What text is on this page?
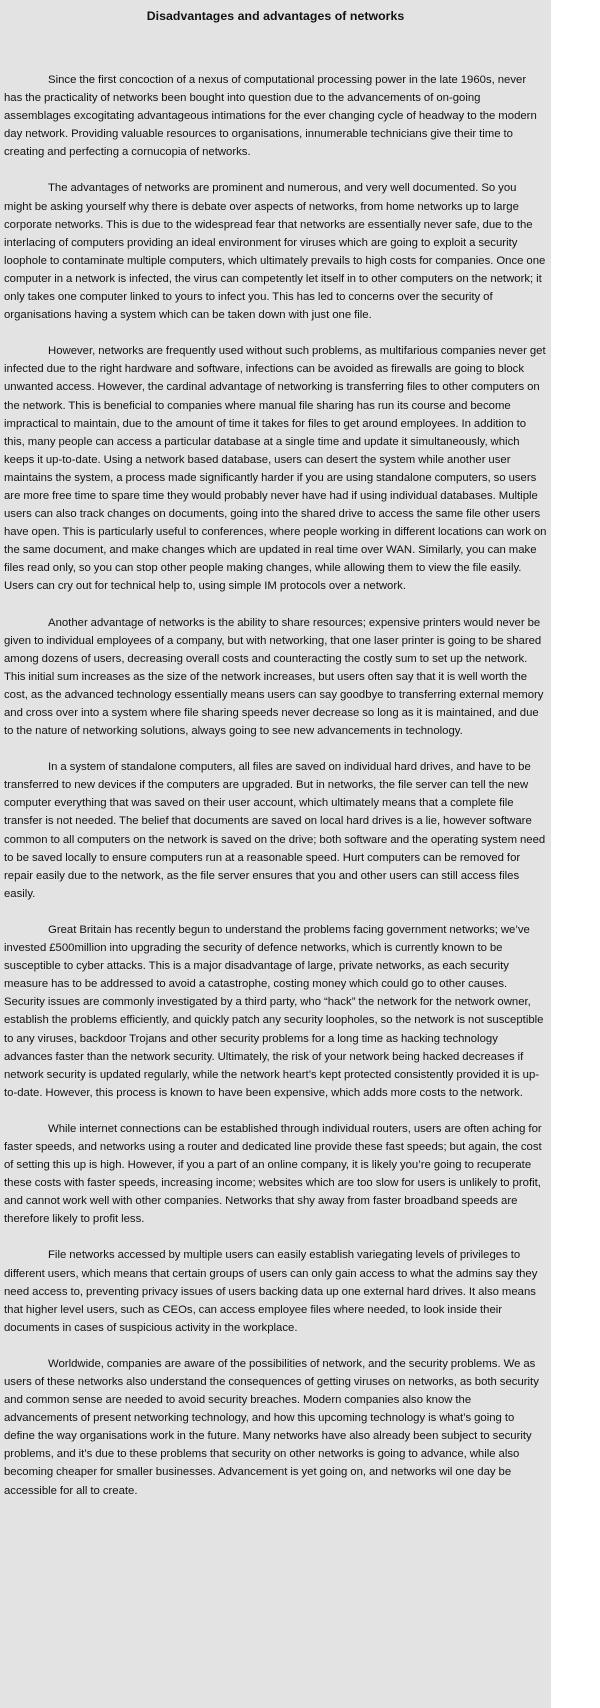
Disadvantages and advantages of networks

Since the first concoction of a nexus of computational processing power in the late 1960s, never has the practicality of networks been bought into question due to the advancements of on-going assemblages excogitating advantageous intimations for the ever changing cycle of headway to the modern day network. Providing valuable resources to organisations, innumerable technicians give their time to creating and perfecting a cornucopia of networks.

The advantages of networks are prominent and numerous, and very well documented. So you might be asking yourself why there is debate over aspects of networks, from home networks up to large corporate networks. This is due to the widespread fear that networks are essentially never safe, due to the interlacing of computers providing an ideal environment for viruses which are going to exploit a security loophole to contaminate multiple computers, which ultimately prevails to high costs for companies. Once one computer in a network is infected, the virus can competently let itself in to other computers on the network; it only takes one computer linked to yours to infect you. This has led to concerns over the security of organisations having a system which can be taken down with just one file.

However, networks are frequently used without such problems, as multifarious companies never get infected due to the right hardware and software, infections can be avoided as firewalls are going to block unwanted access. However, the cardinal advantage of networking is transferring files to other computers on the network. This is beneficial to companies where manual file sharing has run its course and become impractical to maintain, due to the amount of time it takes for files to get around employees. In addition to this, many people can access a particular database at a single time and update it simultaneously, which keeps it up-to-date. Using a network based database, users can desert the system while another user maintains the system, a process made significantly harder if you are using standalone computers, so users are more free time to spare time they would probably never have had if using individual databases. Multiple users can also track changes on documents, going into the shared drive to access the same file other users have open. This is particularly useful to conferences, where people working in different locations can work on the same document, and make changes which are updated in real time over WAN. Similarly, you can make files read only, so you can stop other people making changes, while allowing them to view the file easily. Users can cry out for technical help to, using simple IM protocols over a network.

Another advantage of networks is the ability to share resources; expensive printers would never be given to individual employees of a company, but with networking, that one laser printer is going to be shared among dozens of users, decreasing overall costs and counteracting the costly sum to set up the network. This initial sum increases as the size of the network increases, but users often say that it is well worth the cost, as the advanced technology essentially means users can say goodbye to transferring external memory and cross over into a system where file sharing speeds never decrease so long as it is maintained, and due to the nature of networking solutions, always going to see new advancements in technology.

In a system of standalone computers, all files are saved on individual hard drives, and have to be transferred to new devices if the computers are upgraded. But in networks, the file server can tell the new computer everything that was saved on their user account, which ultimately means that a complete file transfer is not needed. The belief that documents are saved on local hard drives is a lie, however software common to all computers on the network is saved on the drive; both software and the operating system need to be saved locally to ensure computers run at a reasonable speed. Hurt computers can be removed for repair easily due to the network, as the file server ensures that you and other users can still access files easily.

Great Britain has recently begun to understand the problems facing government networks; we’ve invested £500million into upgrading the security of defence networks, which is currently known to be susceptible to cyber attacks. This is a major disadvantage of large, private networks, as each security measure has to be addressed to avoid a catastrophe, costing money which could go to other causes. Security issues are commonly investigated by a third party, who “hack” the network for the network owner, establish the problems efficiently, and quickly patch any security loopholes, so the network is not susceptible to any viruses, backdoor Trojans and other security problems for a long time as hacking technology advances faster than the network security. Ultimately, the risk of your network being hacked decreases if network security is updated regularly, while the network heart’s kept protected consistently provided it is up-to-date. However, this process is known to have been expensive, which adds more costs to the network.

While internet connections can be established through individual routers, users are often aching for faster speeds, and networks using a router and dedicated line provide these fast speeds; but again, the cost of setting this up is high. However, if you a part of an online company, it is likely you’re going to recuperate these costs with faster speeds, increasing income; websites which are too slow for users is unlikely to profit, and cannot work well with other companies. Networks that shy away from faster broadband speeds are therefore likely to profit less.

File networks accessed by multiple users can easily establish variegating levels of privileges to different users, which means that certain groups of users can only gain access to what the admins say they need access to, preventing privacy issues of users backing data up one external hard drives. It also means that higher level users, such as CEOs, can access employee files where needed, to look inside their documents in cases of suspicious activity in the workplace.

Worldwide, companies are aware of the possibilities of network, and the security problems. We as users of these networks also understand the consequences of getting viruses on networks, as both security and common sense are needed to avoid security breaches. Modern companies also know the advancements of present networking technology, and how this upcoming technology is what’s going to define the way organisations work in the future. Many networks have also already been subject to security problems, and it’s due to these problems that security on other networks is going to advance, while also becoming cheaper for smaller businesses. Advancement is yet going on, and networks wil one day be accessible for all to create.
